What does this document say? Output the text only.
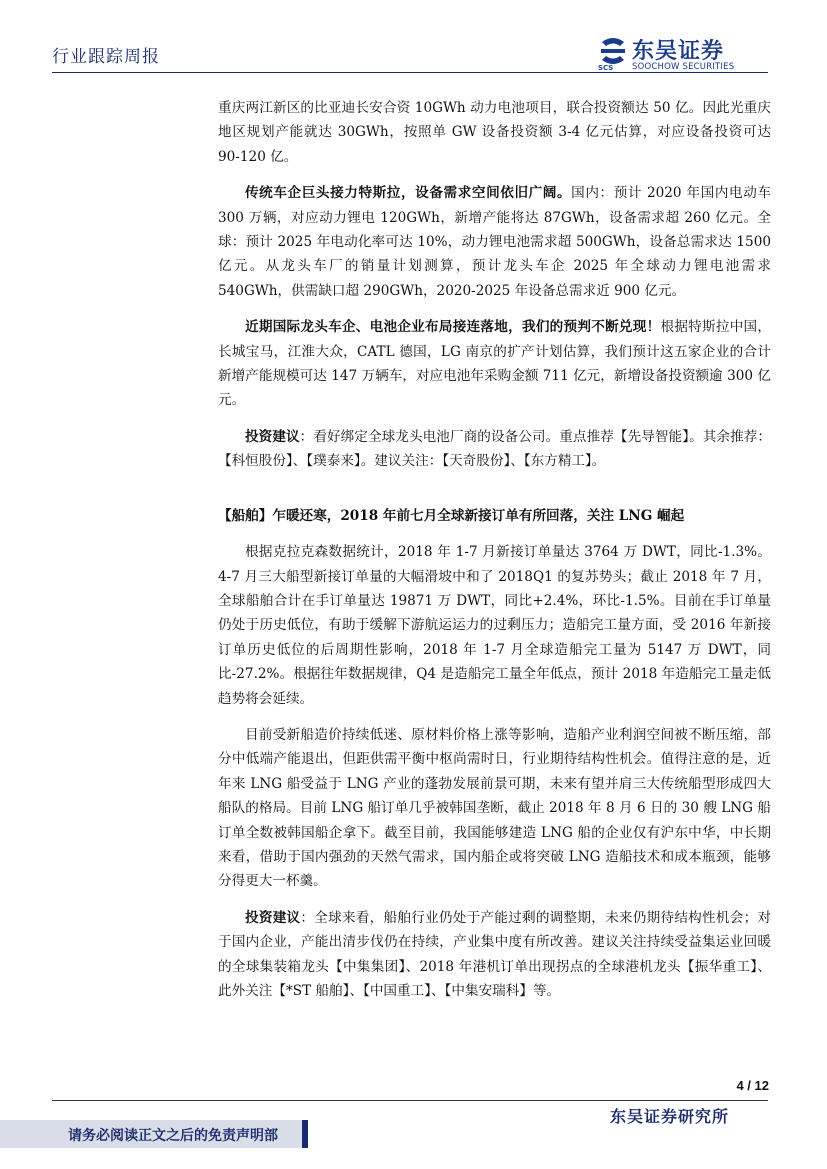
行业跟踪周报
SCS
东吴证券
SOOCHOW SECURITIES

重庆两江新区的比亚迪长安合资 10GWh 动力电池项目，联合投资额达 50 亿。因此光重庆地区规划产能就达 30GWh，按照单 GW 设备投资额 3-4 亿元估算，对应设备投资可达 90-120 亿。

传统车企巨头接力特斯拉，设备需求空间依旧广阔。国内：预计 2020 年国内电动车 300 万辆，对应动力锂电 120GWh，新增产能将达 87GWh，设备需求超 260 亿元。全球：预计 2025 年电动化率可达 10%，动力锂电池需求超 500GWh，设备总需求达 1500 亿元。从龙头车厂的销量计划测算，预计龙头车企 2025 年全球动力锂电池需求 540GWh，供需缺口超 290GWh，2020-2025 年设备总需求近 900 亿元。

近期国际龙头车企、电池企业布局接连落地，我们的预判不断兑现！根据特斯拉中国，长城宝马，江淮大众，CATL 德国，LG 南京的扩产计划估算，我们预计这五家企业的合计新增产能规模可达 147 万辆车，对应电池年采购金额 711 亿元，新增设备投资额逾 300 亿元。

投资建议：看好绑定全球龙头电池厂商的设备公司。重点推荐【先导智能】。其余推荐：【科恒股份】、【璞泰来】。建议关注：【天奇股份】、【东方精工】。

【船舶】乍暖还寒，2018 年前七月全球新接订单有所回落，关注 LNG 崛起

根据克拉克森数据统计，2018 年 1-7 月新接订单量达 3764 万 DWT，同比-1.3%。4-7 月三大船型新接订单量的大幅滑坡中和了 2018Q1 的复苏势头；截止 2018 年 7 月，全球船舶合计在手订单量达 19871 万 DWT，同比+2.4%，环比-1.5%。目前在手订单量仍处于历史低位，有助于缓解下游航运运力的过剩压力；造船完工量方面，受 2016 年新接订单历史低位的后周期性影响，2018 年 1-7 月全球造船完工量为 5147 万 DWT，同比-27.2%。根据往年数据规律，Q4 是造船完工量全年低点，预计 2018 年造船完工量走低趋势将会延续。

目前受新船造价持续低迷、原材料价格上涨等影响，造船产业利润空间被不断压缩，部分中低端产能退出，但距供需平衡中枢尚需时日，行业期待结构性机会。值得注意的是，近年来 LNG 船受益于 LNG 产业的蓬勃发展前景可期，未来有望并肩三大传统船型形成四大船队的格局。目前 LNG 船订单几乎被韩国垄断，截止 2018 年 8 月 6 日的 30 艘 LNG 船订单全数被韩国船企拿下。截至目前，我国能够建造 LNG 船的企业仅有沪东中华，中长期来看，借助于国内强劲的天然气需求，国内船企或将突破 LNG 造船技术和成本瓶颈，能够分得更大一杯羹。

投资建议：全球来看，船舶行业仍处于产能过剩的调整期，未来仍期待结构性机会；对于国内企业，产能出清步伐仍在持续，产业集中度有所改善。建议关注持续受益集运业回暖的全球集装箱龙头【中集集团】、2018 年港机订单出现拐点的全球港机龙头【振华重工】、此外关注【*ST 船舶】、【中国重工】、【中集安瑞科】等。

4 / 12
请务必阅读正文之后的免责声明部
东吴证券研究所
